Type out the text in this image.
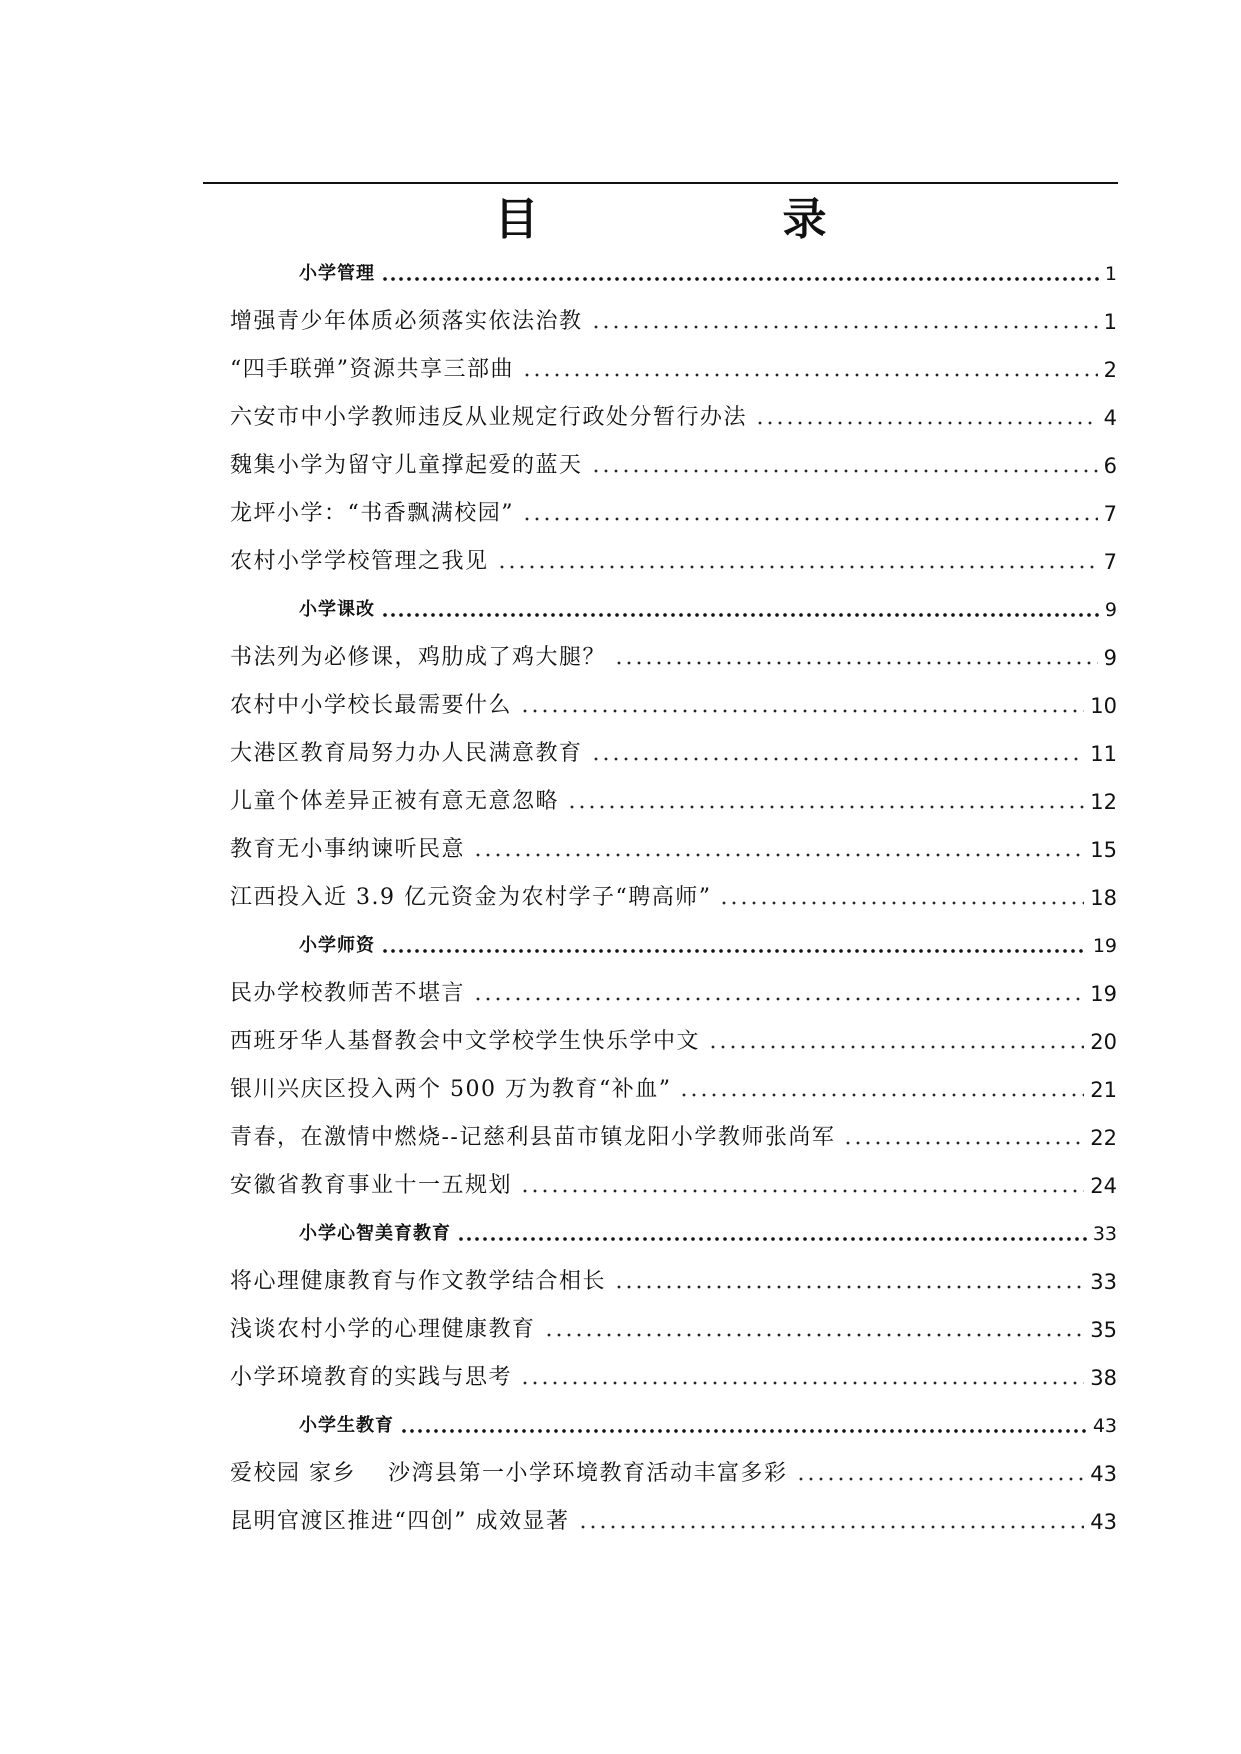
目　录
小学管理	1
增强青少年体质必须落实依法治教	1
“四手联弹”资源共享三部曲	2
六安市中小学教师违反从业规定行政处分暂行办法	4
魏集小学为留守儿童撑起爱的蓝天	6
龙坪小学：“书香飘满校园”	7
农村小学学校管理之我见	7
小学课改	9
书法列为必修课，鸡肋成了鸡大腿？	9
农村中小学校长最需要什么	10
大港区教育局努力办人民满意教育	11
儿童个体差异正被有意无意忽略	12
教育无小事纳谏听民意	15
江西投入近 3.9 亿元资金为农村学子“聘高师”	18
小学师资	19
民办学校教师苦不堪言	19
西班牙华人基督教会中文学校学生快乐学中文	20
银川兴庆区投入两个 500 万为教育“补血”	21
青春，在激情中燃烧--记慈利县苗市镇龙阳小学教师张尚军	22
安徽省教育事业十一五规划	24
小学心智美育教育	33
将心理健康教育与作文教学结合相长	33
浅谈农村小学的心理健康教育	35
小学环境教育的实践与思考	38
小学生教育	43
爱校园 家乡　 沙湾县第一小学环境教育活动丰富多彩	43
昆明官渡区推进“四创” 成效显著	43
